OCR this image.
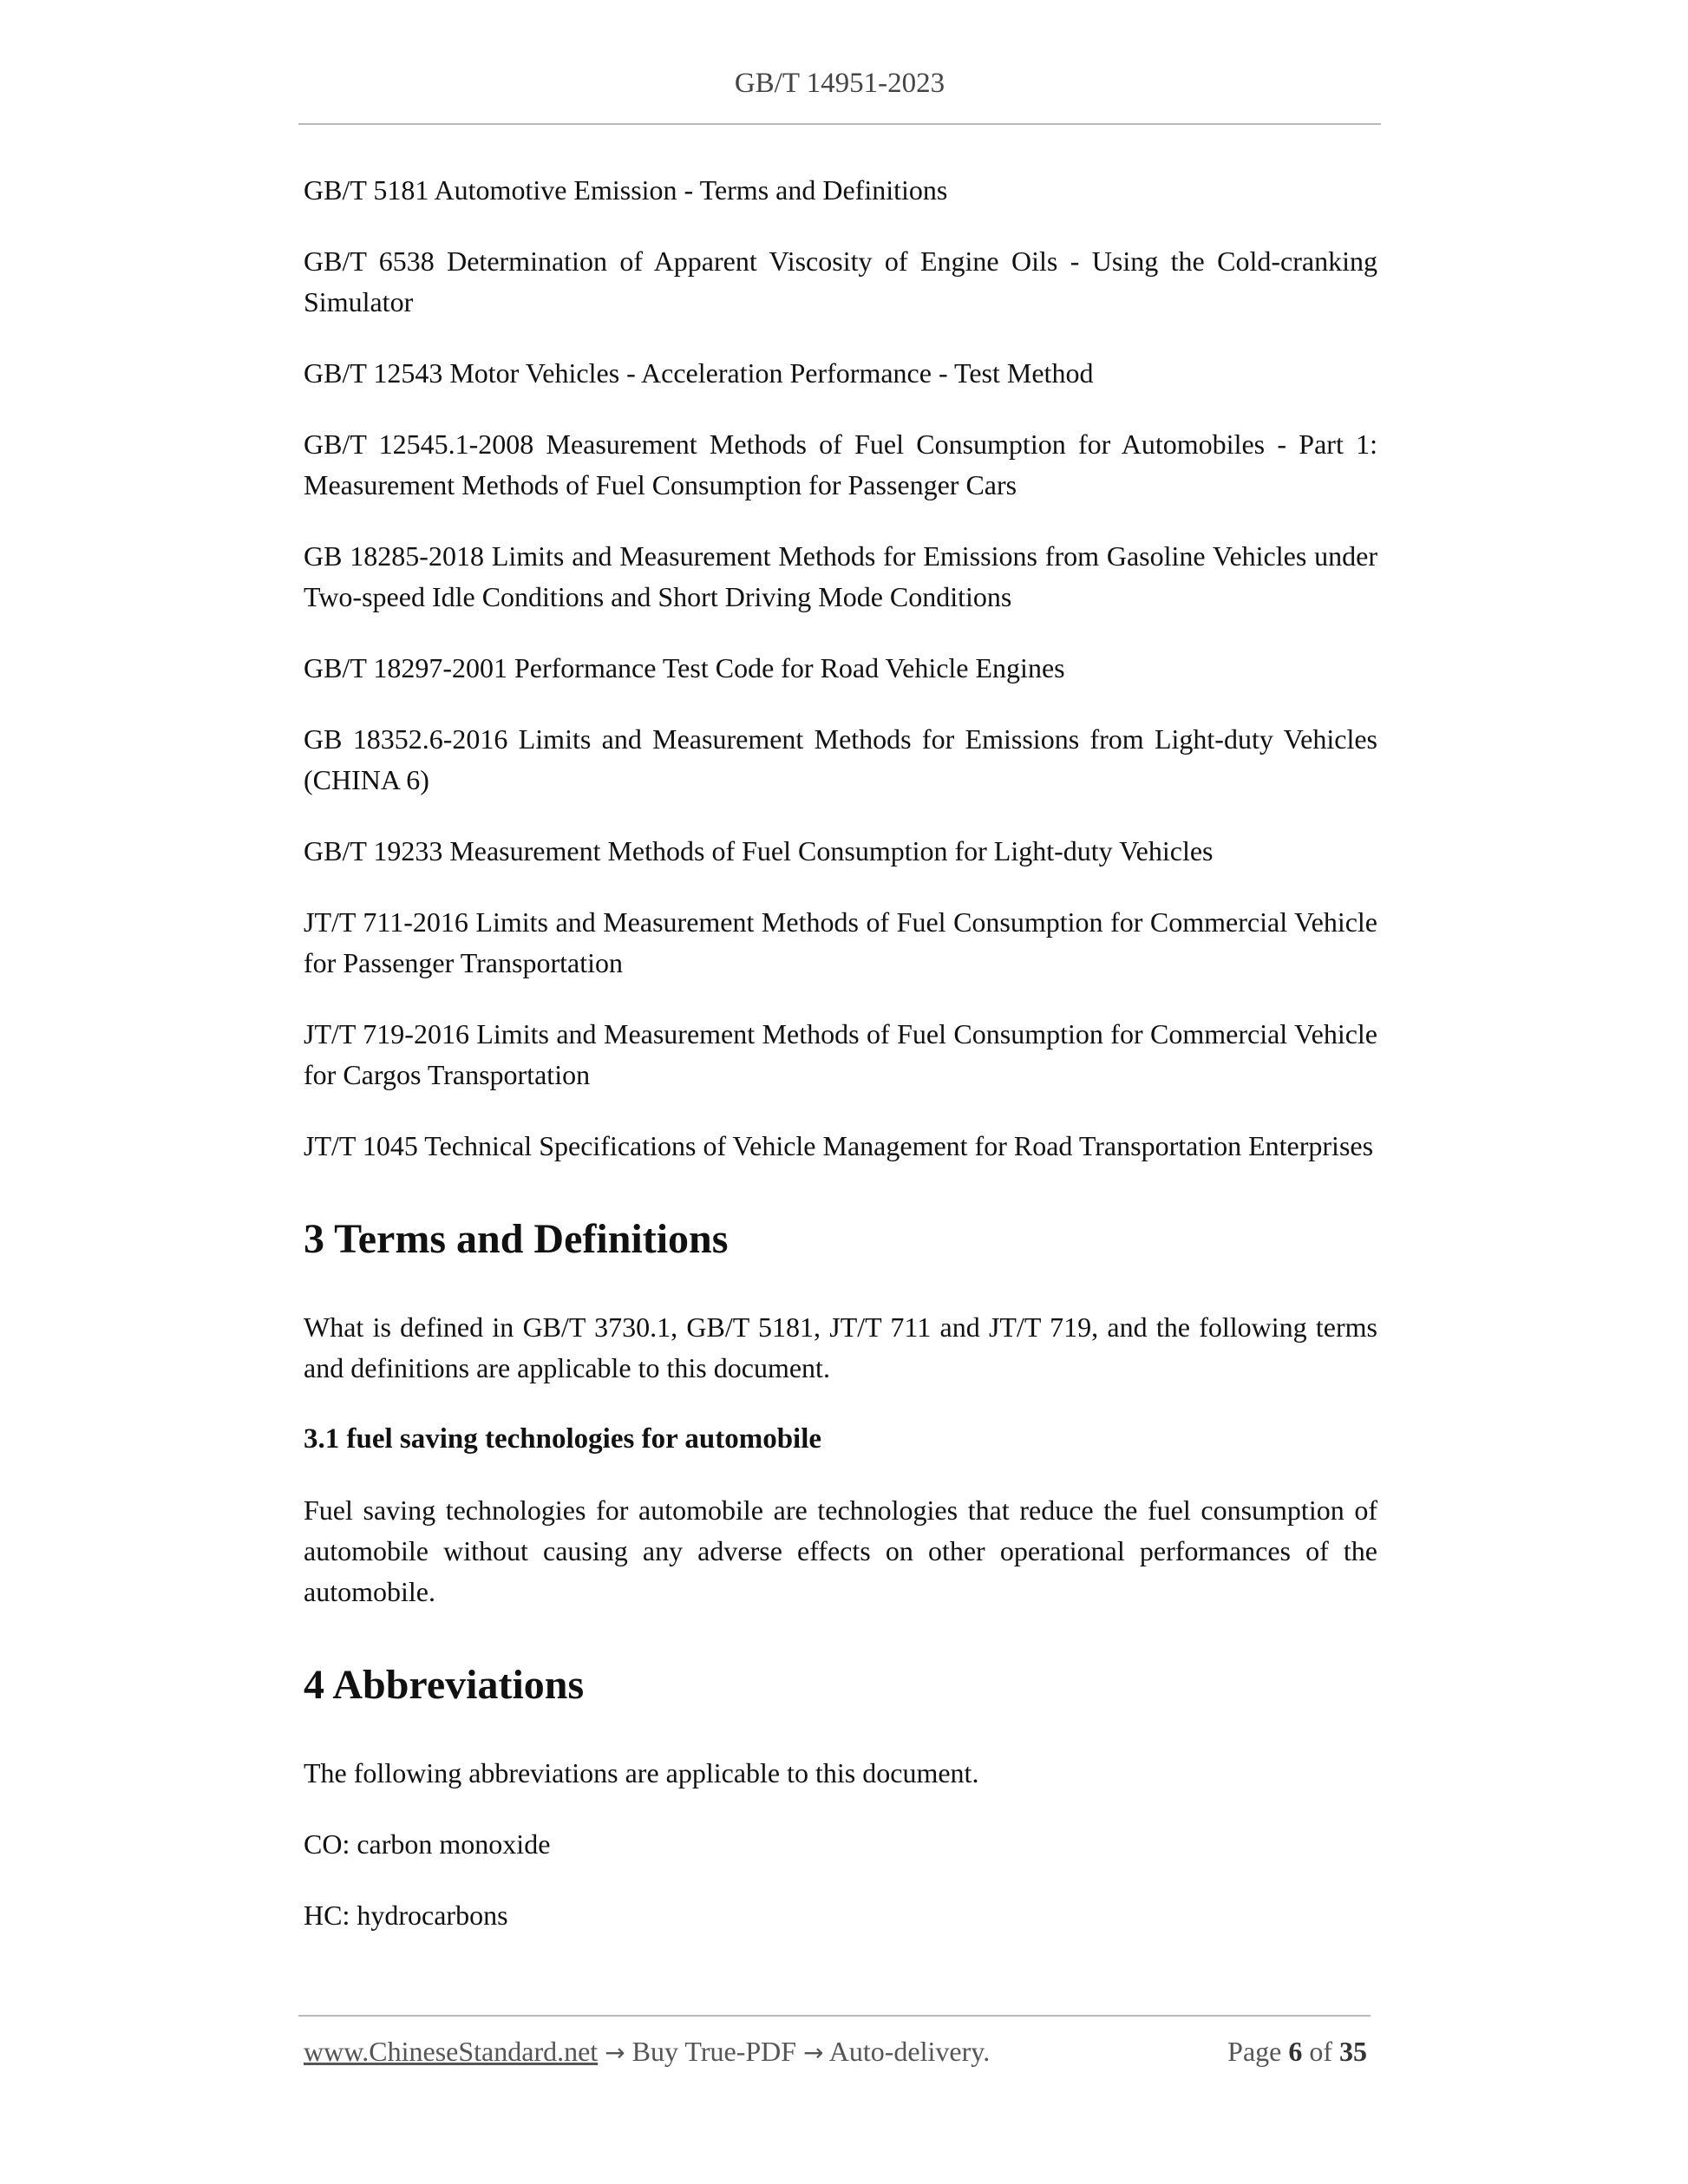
GB/T 14951-2023
GB/T 5181 Automotive Emission - Terms and Definitions
GB/T 6538 Determination of Apparent Viscosity of Engine Oils - Using the Cold-cranking Simulator
GB/T 12543 Motor Vehicles - Acceleration Performance - Test Method
GB/T 12545.1-2008 Measurement Methods of Fuel Consumption for Automobiles - Part 1: Measurement Methods of Fuel Consumption for Passenger Cars
GB 18285-2018 Limits and Measurement Methods for Emissions from Gasoline Vehicles under Two-speed Idle Conditions and Short Driving Mode Conditions
GB/T 18297-2001 Performance Test Code for Road Vehicle Engines
GB 18352.6-2016 Limits and Measurement Methods for Emissions from Light-duty Vehicles (CHINA 6)
GB/T 19233 Measurement Methods of Fuel Consumption for Light-duty Vehicles
JT/T 711-2016 Limits and Measurement Methods of Fuel Consumption for Commercial Vehicle for Passenger Transportation
JT/T 719-2016 Limits and Measurement Methods of Fuel Consumption for Commercial Vehicle for Cargos Transportation
JT/T 1045 Technical Specifications of Vehicle Management for Road Transportation Enterprises
3 Terms and Definitions
What is defined in GB/T 3730.1, GB/T 5181, JT/T 711 and JT/T 719, and the following terms and definitions are applicable to this document.
3.1 fuel saving technologies for automobile
Fuel saving technologies for automobile are technologies that reduce the fuel consumption of automobile without causing any adverse effects on other operational performances of the automobile.
4 Abbreviations
The following abbreviations are applicable to this document.
CO: carbon monoxide
HC: hydrocarbons
www.ChineseStandard.net → Buy True-PDF → Auto-delivery.	Page 6 of 35
